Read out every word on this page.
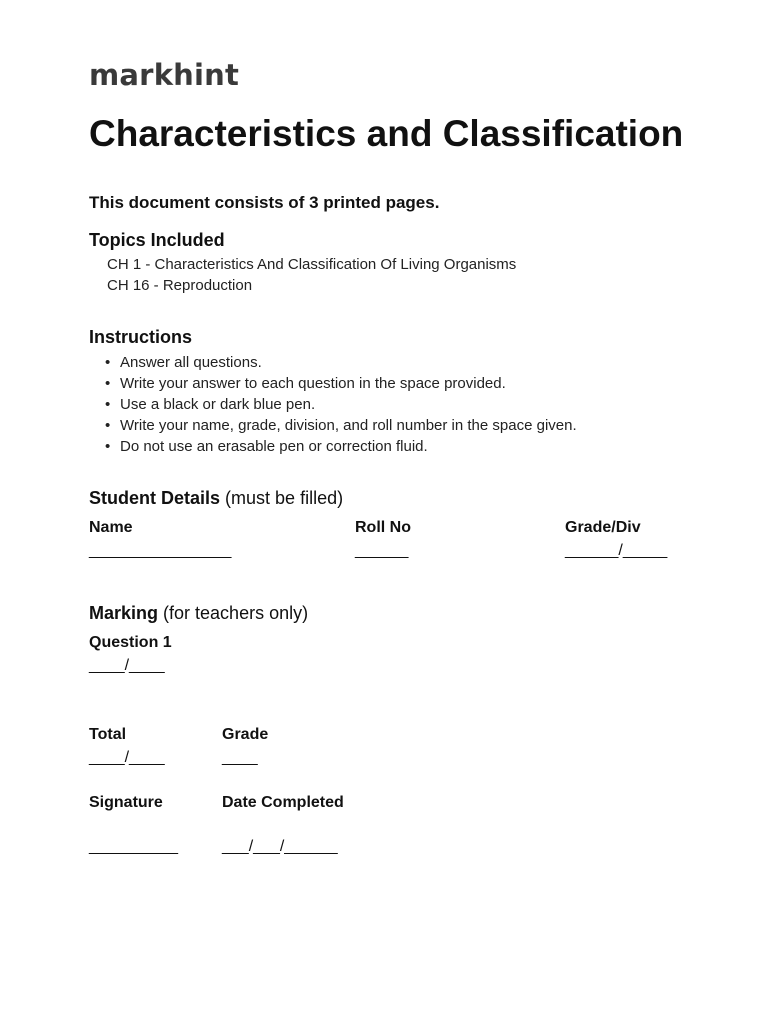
markhint
Characteristics and Classification
This document consists of 3 printed pages.
Topics Included
CH 1 - Characteristics And Classification Of Living Organisms
CH 16 - Reproduction
Instructions
• Answer all questions.
• Write your answer to each question in the space provided.
• Use a black or dark blue pen.
• Write your name, grade, division, and roll number in the space given.
• Do not use an erasable pen or correction fluid.
Student Details (must be filled)
Name
________________
Roll No
______
Grade/Div
______/_____
Marking (for teachers only)
Question 1
____/____
Total
____/____
Grade
____
Signature
__________
Date Completed
___/___/______
